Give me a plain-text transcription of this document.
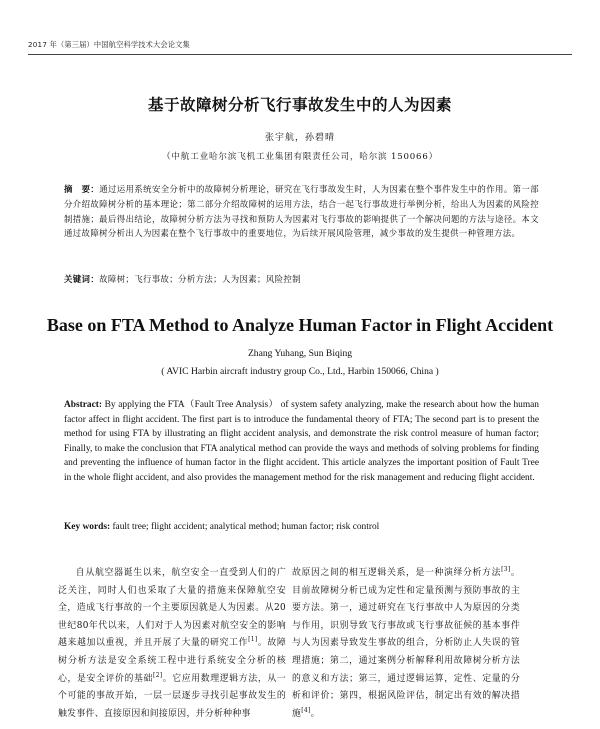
2017 年（第三届）中国航空科学技术大会论文集
基于故障树分析飞行事故发生中的人为因素
张宇航，孙碧晴
（中航工业哈尔滨飞机工业集团有限责任公司，哈尔滨 150066）
摘　要：通过运用系统安全分析中的故障树分析理论，研究在飞行事故发生时，人为因素在整个事件发生中的作用。第一部分介绍故障树分析的基本理论；第二部分介绍故障树的运用方法，结合一起飞行事故进行举例分析，给出人为因素的风险控制措施；最后得出结论，故障树分析方法为寻找和预防人为因素对飞行事故的影响提供了一个解决问题的方法与途径。本文通过故障树分析出人为因素在整个飞行事故中的重要地位，为后续开展风险管理，减少事故的发生提供一种管理方法。
关键词：故障树；飞行事故；分析方法；人为因素；风险控制
Base on FTA Method to Analyze Human Factor in Flight Accident
Zhang Yuhang, Sun Biqing
( AVIC Harbin aircraft industry group Co., Ltd., Harbin 150066, China )
Abstract: By applying the FTA（Fault Tree Analysis） of system safety analyzing, make the research about how the human factor affect in flight accident. The first part is to introduce the fundamental theory of FTA; The second part is to present the method for using FTA by illustrating an flight accident analysis, and demonstrate the risk control measure of human factor; Finally, to make the conclusion that FTA analytical method can provide the ways and methods of solving problems for finding and preventing the influence of human factor in the flight accident. This article analyzes the important position of Fault Tree in the whole flight accident, and also provides the management method for the risk management and reducing flight accident.
Key words: fault tree; flight accident; analytical method; human factor; risk control
自从航空器诞生以来，航空安全一直受到人们的广泛关注，同时人们也采取了大量的措施来保障航空安全，造成飞行事故的一个主要原因就是人为因素。从20世纪80年代以来，人们对于人为因素对航空安全的影响越来越加以重视，并且开展了大量的研究工作[1]。故障树分析方法是安全系统工程中进行系统安全分析的核心，是安全评价的基础[2]。它应用数理逻辑方法，从一个可能的事故开始，一层一层逐步寻找引起事故发生的触发事件、直接原因和间接原因，并分析种种事
故原因之间的相互逻辑关系，是一种演绎分析方法[3]。目前故障树分析已成为定性和定量预测与预防事故的主要方法。第一，通过研究在飞行事故中人为原因的分类与作用，识别导致飞行事故或飞行事故征候的基本事件与人为因素导致发生事故的组合，分析防止人失误的管理措施；第二，通过案例分析解释利用故障树分析方法的意义和方法；第三，通过逻辑运算，定性、定量的分析和评价；第四，根据风险评估，制定出有效的解决措施[4]。
